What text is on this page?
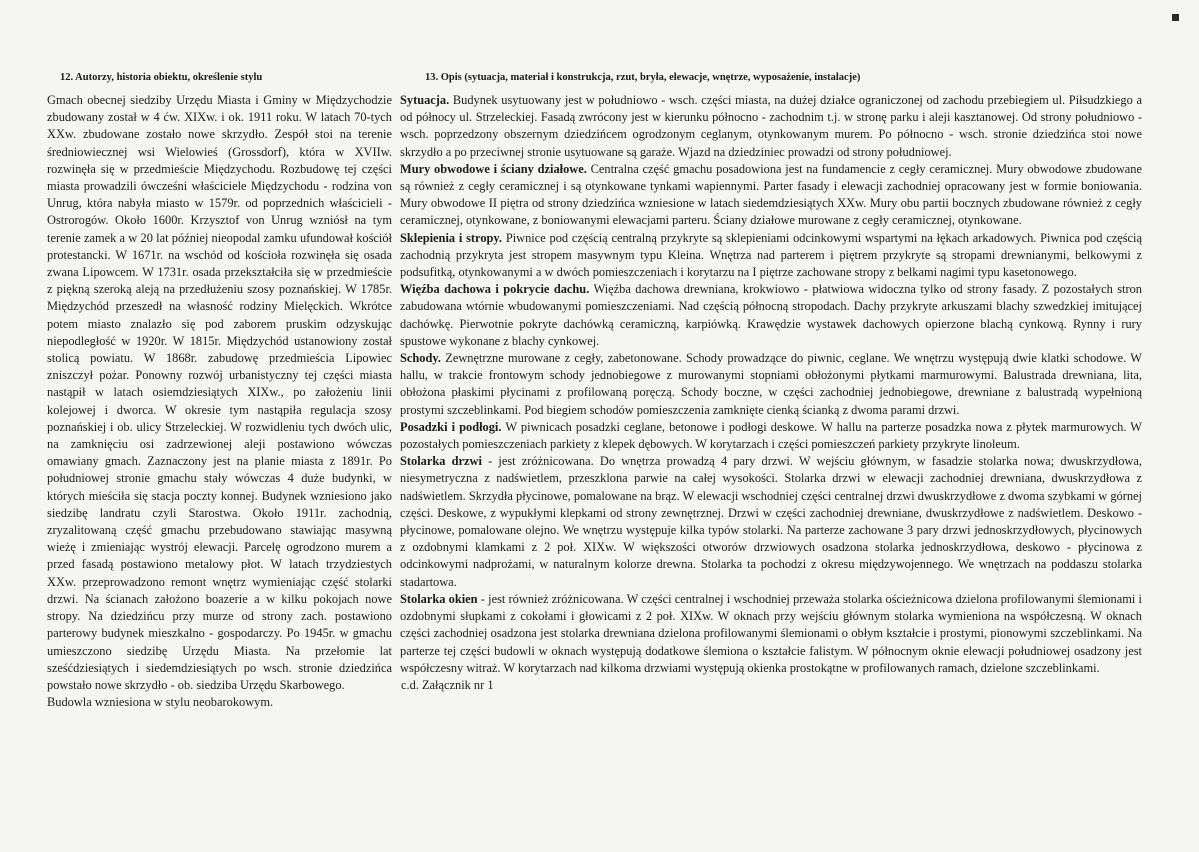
12. Autorzy, historia obiektu, określenie stylu
Gmach obecnej siedziby Urzędu Miasta i Gminy w Międzychodzie zbudowany został w 4 ćw. XIXw. i ok. 1911 roku. W latach 70-tych XXw. zbudowane zostało nowe skrzydło. Zespół stoi na terenie średniowiecznej wsi Wielowieś (Grossdorf), która w XVIIw. rozwinęła się w przedmieście Międzychodu. Rozbudowę tej części miasta prowadzili ówcześni właściciele Międzychodu - rodzina von Unrug, która nabyła miasto w 1579r. od poprzednich właścicieli - Ostrorogów. Około 1600r. Krzysztof von Unrug wzniósł na tym terenie zamek a w 20 lat później nieopodal zamku ufundował kościół protestancki. W 1671r. na wschód od kościoła rozwinęła się osada zwana Lipowcem. W 1731r. osada przekształciła się w przedmieście z piękną szeroką aleją na przedłużeniu szosy poznańskiej. W 1785r. Międzychód przeszedł na własność rodziny Mielęckich. Wkrótce potem miasto znalazło się pod zaborem pruskim odzyskując niepodległość w 1920r. W 1815r. Międzychód ustanowiony został stolicą powiatu. W 1868r. zabudowę przedmieścia Lipowiec zniszczył pożar. Ponowny rozwój urbanistyczny tej części miasta nastąpił w latach osiemdziesiątych XIXw., po założeniu linii kolejowej i dworca. W okresie tym nastąpiła regulacja szosy poznańskiej i ob. ulicy Strzeleckiej. W rozwidleniu tych dwóch ulic, na zamknięciu osi zadrzewionej aleji postawiono wówczas omawiany gmach. Zaznaczony jest na planie miasta z 1891r. Po południowej stronie gmachu stały wówczas 4 duże budynki, w których mieściła się stacja poczty konnej. Budynek wzniesiono jako siedzibę landratu czyli Starostwa. Około 1911r. zachodnią, zryzalitowaną część gmachu przebudowano stawiając masywną wieżę i zmieniając wystrój elewacji. Parcelę ogrodzono murem a przed fasadą postawiono metalowy płot. W latach trzydziestych XXw. przeprowadzono remont wnętrz wymieniając część stolarki drzwi. Na ścianach założono boazerie a w kilku pokojach nowe stropy. Na dziedzińcu przy murze od strony zach. postawiono parterowy budynek mieszkalno - gospodarczy. Po 1945r. w gmachu umieszczono siedzibę Urzędu Miasta. Na przełomie lat sześćdziesiątych i siedemdziesiątych po wsch. stronie dziedzińca powstało nowe skrzydło - ob. siedziba Urzędu Skarbowego.
Budowla wzniesiona w stylu neobarokowym.
13. Opis (sytuacja, materiał i konstrukcja, rzut, bryła, elewacje, wnętrze, wyposażenie, instalacje)

Sytuacja. Budynek usytuowany jest w południowo - wsch. części miasta, na dużej działce ograniczonej od zachodu przebiegiem ul. Piłsudzkiego a od północy ul. Strzeleckiej. Fasadą zwrócony jest w kierunku północno - zachodnim t.j. w stronę parku i aleji kasztanowej. Od strony południowo - wsch. poprzedzony obszernym dziedzińcem ogrodzonym ceglanym, otynkowanym murem. Po północno - wsch. stronie dziedzińca stoi nowe skrzydło a po przeciwnej stronie usytuowane są garaże. Wjazd na dziedziniec prowadzi od strony południowej.

Mury obwodowe i ściany działowe. Centralna część gmachu posadowiona jest na fundamencie z cegły ceramicznej. Mury obwodowe zbudowane są również z cegły ceramicznej i są otynkowane tynkami wapiennymi. Parter fasady i elewacji zachodniej opracowany jest w formie boniowania. Mury obwodowe II piętra od strony dziedzińca wzniesione w latach siedemdziesiątych XXw. Mury obu partii bocznych zbudowane również z cegły ceramicznej, otynkowane, z boniowanymi elewacjami parteru. Ściany działowe murowane z cegły ceramicznej, otynkowane.

Sklepienia i stropy. Piwnice pod częścią centralną przykryte są sklepieniami odcinkowymi wspartymi na łękach arkadowych. Piwnica pod częścią zachodnią przykryta jest stropem masywnym typu Kleina. Wnętrza nad parterem i piętrem przykryte są stropami drewnianymi, belkowymi z podsufitką, otynkowanymi a w dwóch pomieszczeniach i korytarzu na I piętrze zachowane stropy z belkami nagimi typu kasetonowego.

Więźba dachowa i pokrycie dachu. Więźba dachowa drewniana, krokwiowo - płatwiowa widoczna tylko od strony fasady. Z pozostałych stron zabudowana wtórnie wbudowanymi pomieszczeniami. Nad częścią północną stropodach. Dachy przykryte arkuszami blachy szwedzkiej imitującej dachówkę. Pierwotnie pokryte dachówką ceramiczną, karpiówką. Krawędzie wystawek dachowych opierzone blachą cynkową. Rynny i rury spustowe wykonane z blachy cynkowej.

Schody. Zewnętrzne murowane z cegły, zabetonowane. Schody prowadzące do piwnic, ceglane. We wnętrzu występują dwie klatki schodowe. W hallu, w trakcie frontowym schody jednobiegowe z murowanymi stopniami obłożonymi płytkami marmurowymi. Balustrada drewniana, lita, obłożona płaskimi płycinami z profilowaną poręczą. Schody boczne, w części zachodniej jednobiegowe, drewniane z balustradą wypełnioną prostymi szczeblinkami. Pod biegiem schodów pomieszczenia zamknięte cienką ścianką z dwoma parami drzwi.

Posadzki i podłogi. W piwnicach posadzki ceglane, betonowe i podłogi deskowe. W hallu na parterze posadzka nowa z płytek marmurowych. W pozostałych pomieszczeniach parkiety z klepek dębowych. W korytarzach i części pomieszczeń parkiety przykryte linoleum.

Stolarka drzwi - jest zróżnicowana. Do wnętrza prowadzą 4 pary drzwi. W wejściu głównym, w fasadzie stolarka nowa; dwuskrzydłowa, niesymetryczna z nadświetlem, przeszklona parwie na całej wysokości. Stolarka drzwi w elewacji zachodniej drewniana, dwuskrzydłowa z nadświetlem. Skrzydła płycinowe, pomalowane na brąz. W elewacji wschodniej części centralnej drzwi dwuskrzydłowe z dwoma szybkami w górnej części. Deskowe, z wypukłymi klepkami od strony zewnętrznej. Drzwi w części zachodniej drewniane, dwuskrzydłowe z nadświetlem. Deskowo - płycinowe, pomalowane olejno. We wnętrzu występuje kilka typów stolarki. Na parterze zachowane 3 pary drzwi jednoskrzydłowych, płycinowych z ozdobnymi klamkami z 2 poł. XIXw. W większości otworów drzwiowych osadzona stolarka jednoskrzydłowa, deskowo - płycinowa z odcinkowymi nadprożami, w naturalnym kolorze drewna. Stolarka ta pochodzi z okresu międzywojennego. We wnętrzach na poddaszu stolarka stadartowa.

Stolarka okien - jest również zróżnicowana. W części centralnej i wschodniej przeważa stolarka ościeżnicowa dzielona profilowanymi ślemionami i ozdobnymi słupkami z cokołami i głowicami z 2 poł. XIXw. W oknach przy wejściu głównym stolarka wymieniona na współczesną. W oknach części zachodniej osadzona jest stolarka drewniana dzielona profilowanymi ślemionami o obłym kształcie i prostymi, pionowymi szczeblinkami. Na parterze tej części budowli w oknach występują dodatkowe ślemiona o kształcie falistym. W północnym oknie elewacji południowej osadzony jest współczesny witraż. W korytarzach nad kilkoma drzwiami występują okienka prostokątne w profilowanych ramach, dzielone szczeblinkami.

c.d. Załącznik nr 1
